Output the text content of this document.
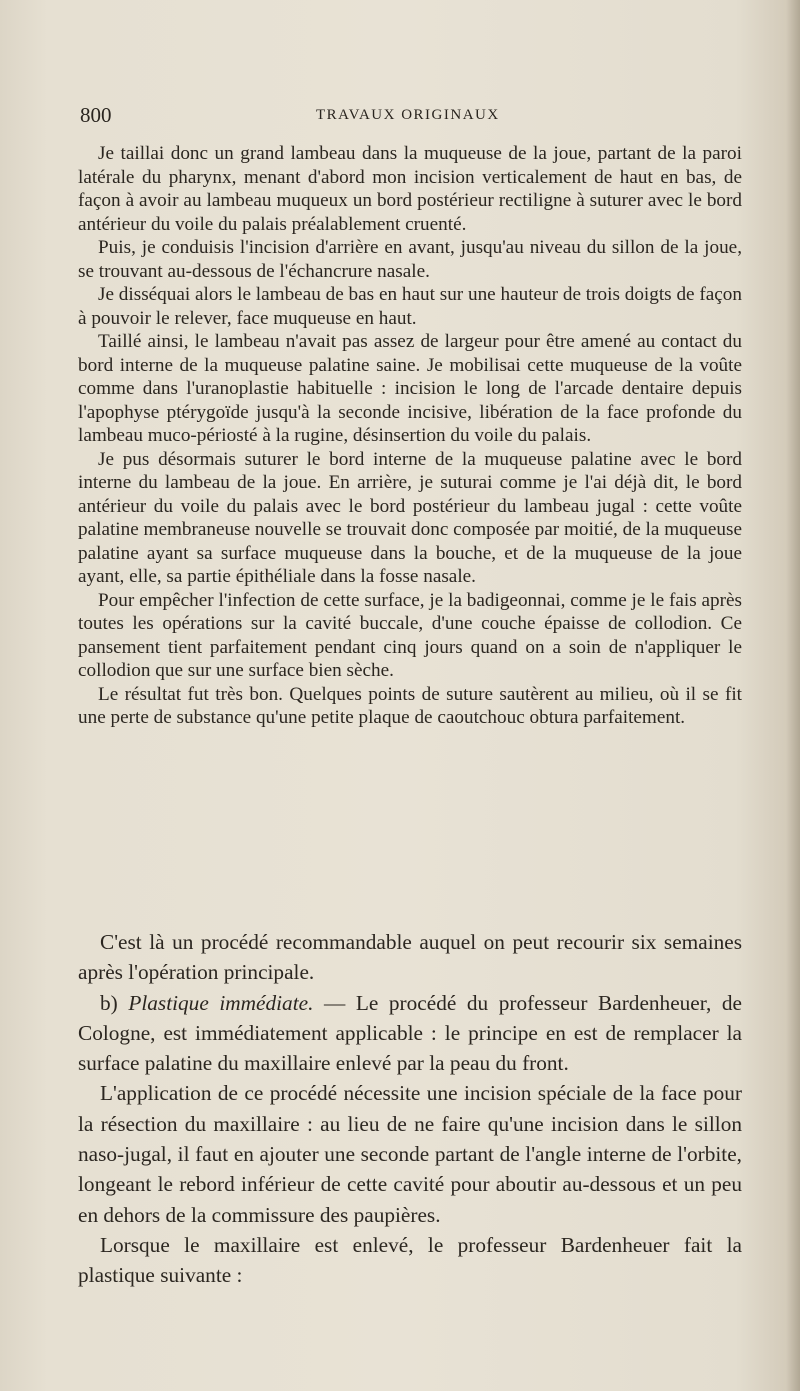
800	TRAVAUX ORIGINAUX

Je taillai donc un grand lambeau dans la muqueuse de la joue, partant de la paroi latérale du pharynx, menant d'abord mon incision verticalement de haut en bas, de façon à avoir au lambeau muqueux un bord postérieur rectiligne à suturer avec le bord antérieur du voile du palais préalablement cruenté.

Puis, je conduisis l'incision d'arrière en avant, jusqu'au niveau du sillon de la joue, se trouvant au-dessous de l'échancrure nasale.

Je disséquai alors le lambeau de bas en haut sur une hauteur de trois doigts de façon à pouvoir le relever, face muqueuse en haut.

Taillé ainsi, le lambeau n'avait pas assez de largeur pour être amené au contact du bord interne de la muqueuse palatine saine. Je mobilisai cette muqueuse de la voûte comme dans l'uranoplastie habituelle : incision le long de l'arcade dentaire depuis l'apophyse ptérygoïde jusqu'à la seconde incisive, libération de la face profonde du lambeau muco-périosté à la rugine, désinsertion du voile du palais.

Je pus désormais suturer le bord interne de la muqueuse palatine avec le bord interne du lambeau de la joue. En arrière, je suturai comme je l'ai déjà dit, le bord antérieur du voile du palais avec le bord postérieur du lambeau jugal : cette voûte palatine membraneuse nouvelle se trouvait donc composée par moitié, de la muqueuse palatine ayant sa surface muqueuse dans la bouche, et de la muqueuse de la joue ayant, elle, sa partie épithéliale dans la fosse nasale.

Pour empêcher l'infection de cette surface, je la badigeonnai, comme je le fais après toutes les opérations sur la cavité buccale, d'une couche épaisse de collodion. Ce pansement tient parfaitement pendant cinq jours quand on a soin de n'appliquer le collodion que sur une surface bien sèche.

Le résultat fut très bon. Quelques points de suture sautèrent au milieu, où il se fit une perte de substance qu'une petite plaque de caoutchouc obtura parfaitement.

C'est là un procédé recommandable auquel on peut recourir six semaines après l'opération principale.

b) Plastique immédiate. — Le procédé du professeur Bardenheuer, de Cologne, est immédiatement applicable : le principe en est de remplacer la surface palatine du maxillaire enlevé par la peau du front.

L'application de ce procédé nécessite une incision spéciale de la face pour la résection du maxillaire : au lieu de ne faire qu'une incision dans le sillon naso-jugal, il faut en ajouter une seconde partant de l'angle interne de l'orbite, longeant le rebord inférieur de cette cavité pour aboutir au-dessous et un peu en dehors de la commissure des paupières.

Lorsque le maxillaire est enlevé, le professeur Bardenheuer fait la plastique suivante :
